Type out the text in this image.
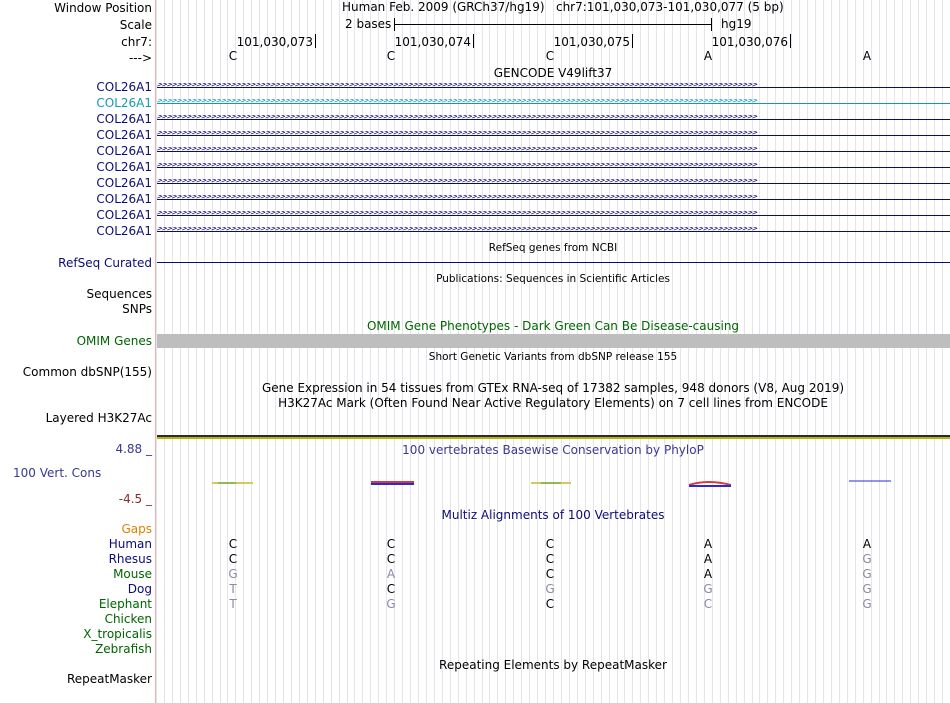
Window Position
Scale
chr7:
--->
Human Feb. 2009 (GRCh37/hg19) chr7:101,030,073-101,030,077 (5 bp)
2 bases	hg19
101,030,073	101,030,074	101,030,075	101,030,076
C	C	C	A	A
GENCODE V49lift37
COL26A1 >>>>>>>>>>>>>>>>>>>>>>>>>>>>>>>>>>>>>>>>>>>>>>>>>>>>>>>>>>>>>>>>>>>>>>>>>>>>>>>>>>>>>>>>>>>>>>>>>>>>>>>>>>>>>>>>>>>>>>>>>>
COL26A1 >>>>>>>>>>>>>>>>>>>>>>>>>>>>>>>>>>>>>>>>>>>>>>>>>>>>>>>>>>>>>>>>>>>>>>>>>>>>>>>>>>>>>>>>>>>>>>>>>>>>>>>>>>>>>>>>>>>>>>>>>>
COL26A1 >>>>>>>>>>>>>>>>>>>>>>>>>>>>>>>>>>>>>>>>>>>>>>>>>>>>>>>>>>>>>>>>>>>>>>>>>>>>>>>>>>>>>>>>>>>>>>>>>>>>>>>>>>>>>>>>>>>>>>>>>>
COL26A1 >>>>>>>>>>>>>>>>>>>>>>>>>>>>>>>>>>>>>>>>>>>>>>>>>>>>>>>>>>>>>>>>>>>>>>>>>>>>>>>>>>>>>>>>>>>>>>>>>>>>>>>>>>>>>>>>>>>>>>>>>>
COL26A1 >>>>>>>>>>>>>>>>>>>>>>>>>>>>>>>>>>>>>>>>>>>>>>>>>>>>>>>>>>>>>>>>>>>>>>>>>>>>>>>>>>>>>>>>>>>>>>>>>>>>>>>>>>>>>>>>>>>>>>>>>>
COL26A1 >>>>>>>>>>>>>>>>>>>>>>>>>>>>>>>>>>>>>>>>>>>>>>>>>>>>>>>>>>>>>>>>>>>>>>>>>>>>>>>>>>>>>>>>>>>>>>>>>>>>>>>>>>>>>>>>>>>>>>>>>>
COL26A1 >>>>>>>>>>>>>>>>>>>>>>>>>>>>>>>>>>>>>>>>>>>>>>>>>>>>>>>>>>>>>>>>>>>>>>>>>>>>>>>>>>>>>>>>>>>>>>>>>>>>>>>>>>>>>>>>>>>>>>>>>>
COL26A1 >>>>>>>>>>>>>>>>>>>>>>>>>>>>>>>>>>>>>>>>>>>>>>>>>>>>>>>>>>>>>>>>>>>>>>>>>>>>>>>>>>>>>>>>>>>>>>>>>>>>>>>>>>>>>>>>>>>>>>>>>>
COL26A1 >>>>>>>>>>>>>>>>>>>>>>>>>>>>>>>>>>>>>>>>>>>>>>>>>>>>>>>>>>>>>>>>>>>>>>>>>>>>>>>>>>>>>>>>>>>>>>>>>>>>>>>>>>>>>>>>>>>>>>>>>>
COL26A1 >>>>>>>>>>>>>>>>>>>>>>>>>>>>>>>>>>>>>>>>>>>>>>>>>>>>>>>>>>>>>>>>>>>>>>>>>>>>>>>>>>>>>>>>>>>>>>>>>>>>>>>>>>>>>>>>>>>>>>>>>>
RefSeq genes from NCBI
RefSeq Curated
Publications: Sequences in Scientific Articles
Sequences
SNPs
OMIM Gene Phenotypes - Dark Green Can Be Disease-causing
OMIM Genes
Short Genetic Variants from dbSNP release 155
Common dbSNP(155)
Gene Expression in 54 tissues from GTEx RNA-seq of 17382 samples, 948 donors (V8, Aug 2019)
H3K27Ac Mark (Often Found Near Active Regulatory Elements) on 7 cell lines from ENCODE
Layered H3K27Ac
4.88 _	100 vertebrates Basewise Conservation by PhyloP
100 Vert. Cons
-4.5 _
Multiz Alignments of 100 Vertebrates
Gaps
Human	C	C	C	A	A
Rhesus	C	C	C	A	G
Mouse	G	A	C	A	G
Dog	T	C	G	G	G
Elephant	T	G	C	C	G
Chicken
X_tropicalis
Zebrafish
Repeating Elements by RepeatMasker
RepeatMasker
